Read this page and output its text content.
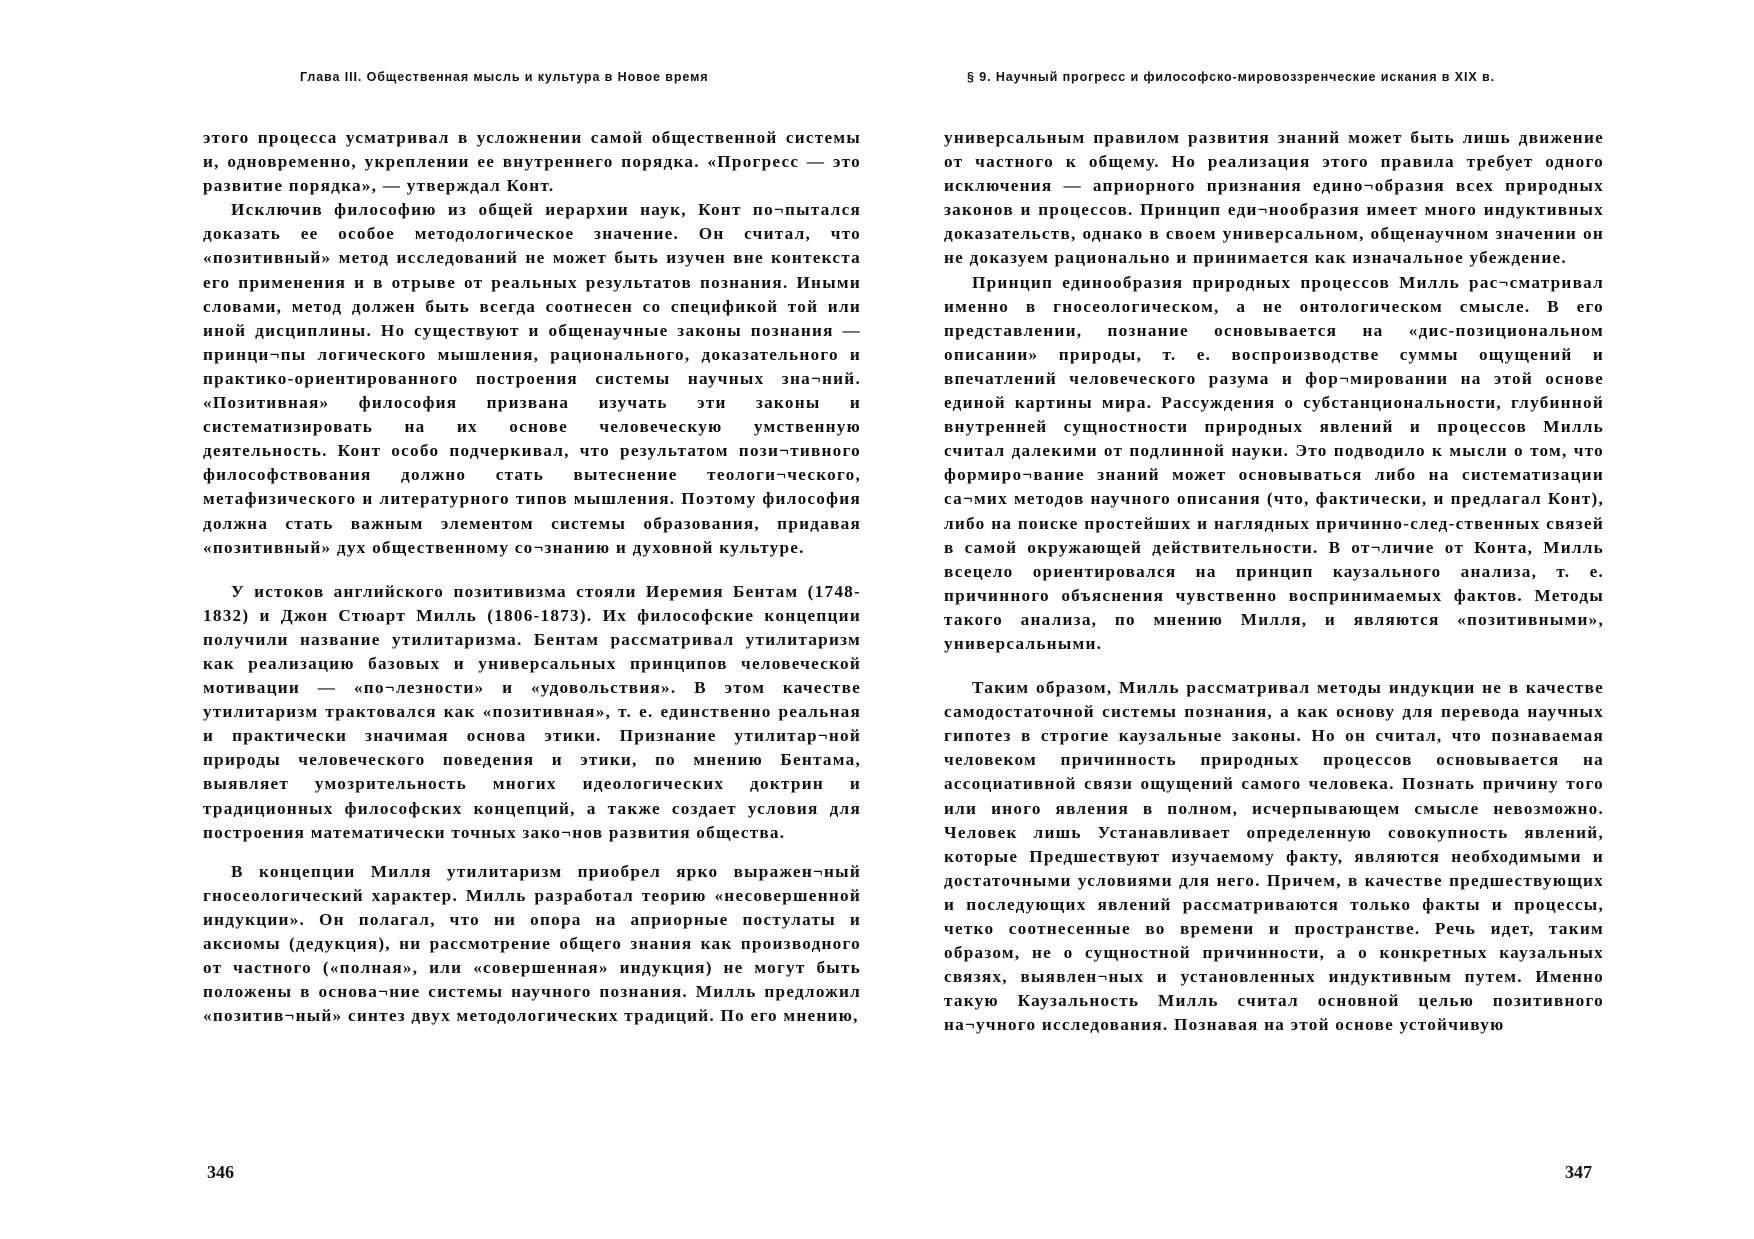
Глава III. Общественная мысль и культура в Новое время

этого процесса усматривал в усложнении самой общественной системы и, одновременно, укреплении ее внутреннего порядка. «Прогресс — это развитие порядка», — утверждал Конт.

Исключив философию из общей иерархии наук, Конт по¬пытался доказать ее особое методологическое значение. Он считал, что «позитивный» метод исследований не может быть изучен вне контекста его применения и в отрыве от реальных результатов познания. Иными словами, метод должен быть всегда соотнесен со спецификой той или иной дисциплины. Но существуют и общенаучные законы познания — принци¬пы логического мышления, рационального, доказательного и практико-ориентированного построения системы научных зна¬ний. «Позитивная» философия призвана изучать эти законы и систематизировать на их основе человеческую умственную деятельность. Конт особо подчеркивал, что результатом пози¬тивного философствования должно стать вытеснение теологи¬ческого, метафизического и литературного типов мышления. Поэтому философия должна стать важным элементом системы образования, придавая «позитивный» дух общественному со¬знанию и духовной культуре.

У истоков английского позитивизма стояли Иеремия Бентам (1748-1832) и Джон Стюарт Милль (1806-1873). Их философские концепции получили название утилитаризма. Бентам рассматривал утилитаризм как реализацию базовых и универсальных принципов человеческой мотивации — «по¬лезности» и «удовольствия». В этом качестве утилитаризм трактовался как «позитивная», т. е. единственно реальная и практически значимая основа этики. Признание утилитар¬ной природы человеческого поведения и этики, по мнению Бентама, выявляет умозрительность многих идеологических доктрин и традиционных философских концепций, а также создает условия для построения математически точных зако¬нов развития общества.

В концепции Милля утилитаризм приобрел ярко выражен¬ный гносеологический характер. Милль разработал теорию «несовершенной индукции». Он полагал, что ни опора на априорные постулаты и аксиомы (дедукция), ни рассмотрение общего знания как производного от частного («полная», или «совершенная» индукция) не могут быть положены в основа¬ние системы научного познания. Милль предложил «позитив¬ный» синтез двух методологических традиций. По его мнению,

346
§ 9. Научный прогресс и философско-мировоззренческие искания в XIX в.

универсальным правилом развития знаний может быть лишь движение от частного к общему. Но реализация этого правила требует одного исключения — априорного признания едино¬образия всех природных законов и процессов. Принцип еди¬нообразия имеет много индуктивных доказательств, однако в своем универсальном, общенаучном значении он не доказуем рационально и принимается как изначальное убеждение.

Принцип единообразия природных процессов Милль рас¬сматривал именно в гносеологическом, а не онтологическом смысле. В его представлении, познание основывается на «дис-позициональном описании» природы, т. е. воспроизводстве суммы ощущений и впечатлений человеческого разума и фор¬мировании на этой основе единой картины мира. Рассуждения о субстанциональности, глубинной внутренней сущностности природных явлений и процессов Милль считал далекими от подлинной науки. Это подводило к мысли о том, что формиро¬вание знаний может основываться либо на систематизации са¬мих методов научного описания (что, фактически, и предлагал Конт), либо на поиске простейших и наглядных причинно-след-ственных связей в самой окружающей действительности. В от¬личие от Конта, Милль всецело ориентировался на принцип каузального анализа, т. е. причинного объяснения чувственно воспринимаемых фактов. Методы такого анализа, по мнению Милля, и являются «позитивными», универсальными.

Таким образом, Милль рассматривал методы индукции не в качестве самодостаточной системы познания, а как основу для перевода научных гипотез в строгие каузальные законы. Но он считал, что познаваемая человеком причинность природных процессов основывается на ассоциативной связи ощущений самого человека. Познать причину того или иного явления в полном, исчерпывающем смысле невозможно. Человек лишь Устанавливает определенную совокупность явлений, которые Предшествуют изучаемому факту, являются необходимыми и достаточными условиями для него. Причем, в качестве предшествующих и последующих явлений рассматриваются только факты и процессы, четко соотнесенные во времени и пространстве. Речь идет, таким образом, не о сущностной причинности, а о конкретных каузальных связях, выявлен¬ных и установленных индуктивным путем. Именно такую Каузальность Милль считал основной целью позитивного на¬учного исследования. Познавая на этой основе устойчивую

347
